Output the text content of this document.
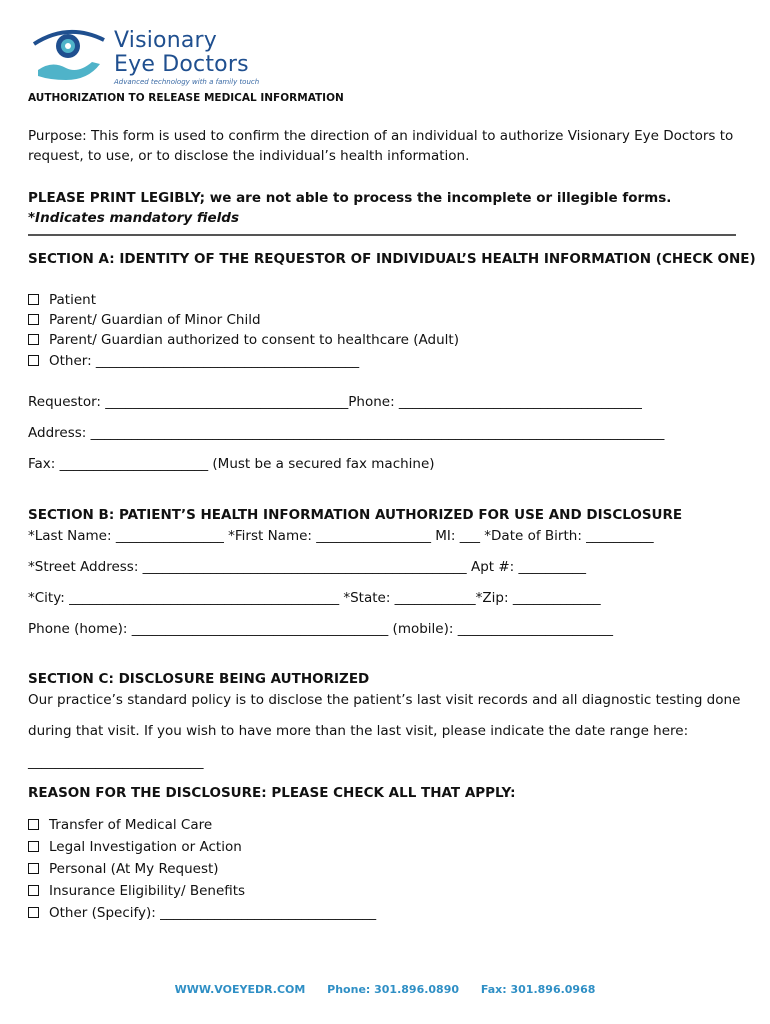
Visionary
Eye Doctors
Advanced technology with a family touch
AUTHORIZATION TO RELEASE MEDICAL INFORMATION
Purpose: This form is used to confirm the direction of an individual to authorize Visionary Eye Doctors to
request, to use, or to disclose the individual’s health information.
PLEASE PRINT LEGIBLY; we are not able to process the incomplete or illegible forms.
*Indicates mandatory fields
SECTION A: IDENTITY OF THE REQUESTOR OF INDIVIDUAL’S HEALTH INFORMATION (CHECK ONE)
Patient
Parent/ Guardian of Minor Child
Parent/ Guardian authorized to consent to healthcare (Adult)
Other: _______________________________________
Requestor: ____________________________________Phone: ____________________________________
Address: _____________________________________________________________________________________
Fax: ______________________ (Must be a secured fax machine)
SECTION B: PATIENT’S HEALTH INFORMATION AUTHORIZED FOR USE AND DISCLOSURE
*Last Name: ________________ *First Name: _________________ MI: ___ *Date of Birth: __________
*Street Address: ________________________________________________ Apt #: __________
*City: ________________________________________ *State: ____________*Zip: _____________
Phone (home): ______________________________________ (mobile): _______________________
SECTION C: DISCLOSURE BEING AUTHORIZED
Our practice’s standard policy is to disclose the patient’s last visit records and all diagnostic testing done
during that visit. If you wish to have more than the last visit, please indicate the date range here:
__________________________
REASON FOR THE DISCLOSURE: PLEASE CHECK ALL THAT APPLY:
Transfer of Medical Care
Legal Investigation or Action
Personal (At My Request)
Insurance Eligibility/ Benefits
Other (Specify): ________________________________
WWW.VOEYEDR.COM Phone: 301.896.0890 Fax: 301.896.0968
